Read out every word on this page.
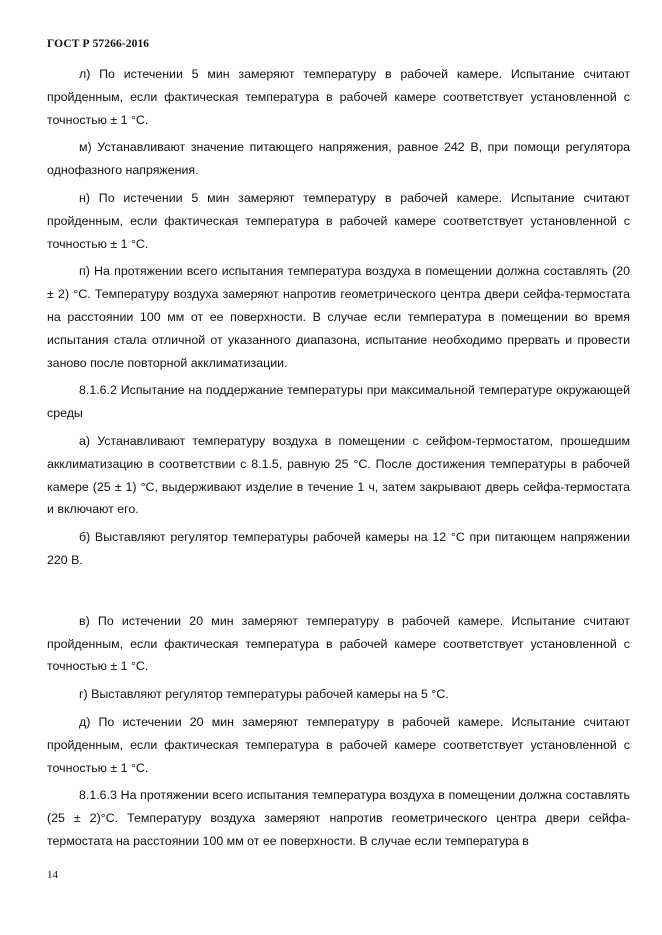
ГОСТ Р 57266-2016

л) По истечении 5 мин замеряют температуру в рабочей камере. Испытание считают пройденным, если фактическая температура в рабочей камере соответствует установленной с точностью ± 1 °С.

м) Устанавливают значение питающего напряжения, равное 242 В, при помощи регулятора однофазного напряжения.

н) По истечении 5 мин замеряют температуру в рабочей камере. Испытание считают пройденным, если фактическая температура в рабочей камере соответствует установленной с точностью ± 1 °С.

п) На протяжении всего испытания температура воздуха в помещении должна составлять (20 ± 2) °С. Температуру воздуха замеряют напротив геометрического центра двери сейфа-термостата на расстоянии 100 мм от ее поверхности. В случае если температура в помещении во время испытания стала отличной от указанного диапазона, испытание необходимо прервать и провести заново после повторной акклиматизации.

8.1.6.2 Испытание на поддержание температуры при максимальной температуре окружающей среды

а) Устанавливают температуру воздуха в помещении с сейфом-термостатом, прошедшим акклиматизацию в соответствии с 8.1.5, равную 25 °С. После достижения температуры в рабочей камере (25 ± 1) °С, выдерживают изделие в течение 1 ч, затем закрывают дверь сейфа-термостата и включают его.

б) Выставляют регулятор температуры рабочей камеры на 12 °С при питающем напряжении 220 В.

в) По истечении 20 мин замеряют температуру в рабочей камере. Испытание считают пройденным, если фактическая температура в рабочей камере соответствует установленной с точностью ± 1 °С.

г) Выставляют регулятор температуры рабочей камеры на 5 °С.

д) По истечении 20 мин замеряют температуру в рабочей камере. Испытание считают пройденным, если фактическая температура в рабочей камере соответствует установленной с точностью ± 1 °С.

8.1.6.3 На протяжении всего испытания температура воздуха в помещении должна составлять (25 ± 2)°С. Температуру воздуха замеряют напротив геометрического центра двери сейфа-термостата на расстоянии 100 мм от ее поверхности. В случае если температура в

14
